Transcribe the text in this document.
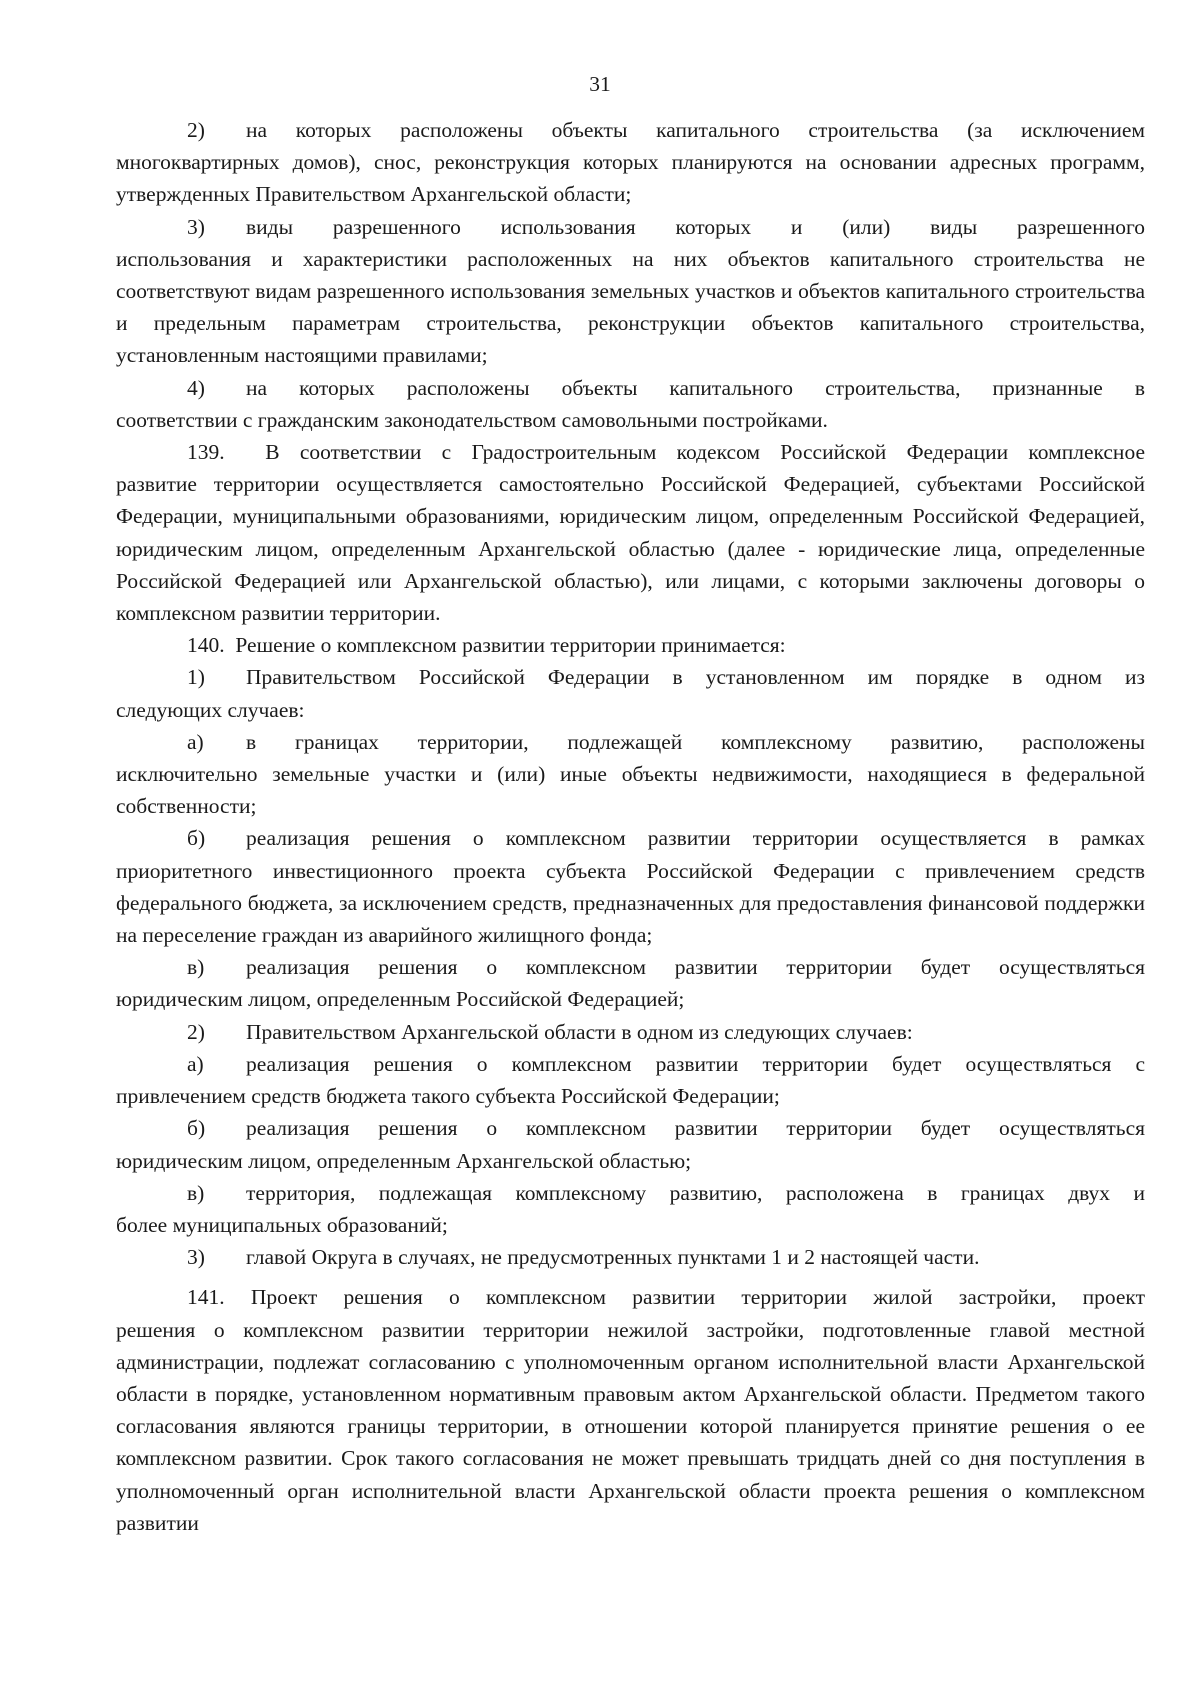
31
2) на которых расположены объекты капитального строительства (за исключением
многоквартирных домов), снос, реконструкция которых планируются на основании адресных программ, утвержденных Правительством Архангельской области;
3) виды разрешенного использования которых и (или) виды разрешенного
использования и характеристики расположенных на них объектов капитального строительства не соответствуют видам разрешенного использования земельных участков и объектов капитального строительства и предельным параметрам строительства, реконструкции объектов капитального строительства, установленным настоящими правилами;
4) на которых расположены объекты капитального строительства, признанные в
соответствии с гражданским законодательством самовольными постройками.
139. В соответствии с Градостроительным кодексом Российской Федерации комплексное
развитие территории осуществляется самостоятельно Российской Федерацией, субъектами Российской Федерации, муниципальными образованиями, юридическим лицом, определенным Российской Федерацией, юридическим лицом, определенным Архангельской областью (далее - юридические лица, определенные Российской Федерацией или Архангельской областью), или лицами, с которыми заключены договоры о комплексном развитии территории.
140. Решение о комплексном развитии территории принимается:
1) Правительством Российской Федерации в установленном им порядке в одном из
следующих случаев:
а) в границах территории, подлежащей комплексному развитию, расположены
исключительно земельные участки и (или) иные объекты недвижимости, находящиеся в федеральной собственности;
б) реализация решения о комплексном развитии территории осуществляется в рамках
приоритетного инвестиционного проекта субъекта Российской Федерации с привлечением средств федерального бюджета, за исключением средств, предназначенных для предоставления финансовой поддержки на переселение граждан из аварийного жилищного фонда;
в) реализация решения о комплексном развитии территории будет осуществляться
юридическим лицом, определенным Российской Федерацией;
2) Правительством Архангельской области в одном из следующих случаев:
а) реализация решения о комплексном развитии территории будет осуществляться с
привлечением средств бюджета такого субъекта Российской Федерации;
б) реализация решения о комплексном развитии территории будет осуществляться
юридическим лицом, определенным Архангельской областью;
в) территория, подлежащая комплексному развитию, расположена в границах двух и
более муниципальных образований;
3) главой Округа в случаях, не предусмотренных пунктами 1 и 2 настоящей части.
141. Проект решения о комплексном развитии территории жилой застройки, проект
решения о комплексном развитии территории нежилой застройки, подготовленные главой местной администрации, подлежат согласованию с уполномоченным органом исполнительной власти Архангельской области в порядке, установленном нормативным правовым актом Архангельской области. Предметом такого согласования являются границы территории, в отношении которой планируется принятие решения о ее комплексном развитии. Срок такого согласования не может превышать тридцать дней со дня поступления в уполномоченный орган исполнительной власти Архангельской области проекта решения о комплексном развитии
